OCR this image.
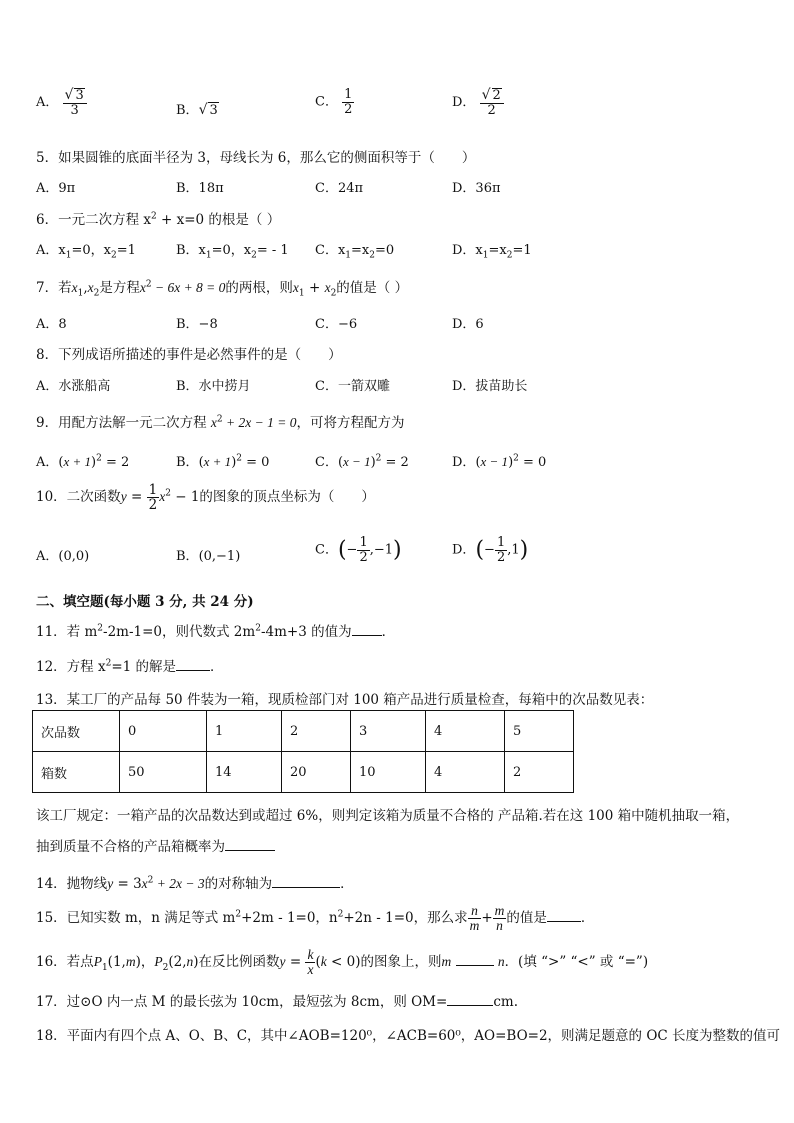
A． $\frac{√ 3}{3}$	B．√ 3
C． $\frac{1}{2}$	D． $\frac{√ 2}{2}$
5．如果圆锥的底面半径为 3，母线长为 6，那么它的侧面积等于（　　）
A．9π	B．18π	C．24π	D．36π
6．一元二次方程 $x^2 + x=0$ 的根是（ ）
A．$x_1=0$，$x_2=1$	B．$x_1=0$，$x_2= - 1$ C．$x_1=x_2=0$	D．$x_1=x_2=1$
7．若$x_1,x_2$是方程$x^2 - 6x + 8 = 0$的两根，则$x_1 + x_2$的值是（ ）
A．8	B．−8	C．−6	D．6
8．下列成语所描述的事件是必然事件的是（　　）
A．水涨船高	B．水中捞月	C．一箭双雕	D．拔苗助长
9．用配方法解一元二次方程 $x^2 + 2x - 1 = 0$，可将方程配方为
A．$(x + 1)^2 = 2$	B．$(x + 1)^2 = 0$	C．$(x - 1)^2 = 2$	D．$(x - 1)^2 = 0$
10．二次函数$y = \frac{1}{2} x^2 - 1$的图象的顶点坐标为（　　）
A．(0,0)	B．(0,−1)	C．(− $\frac{1}{2} ,-1$)	D．(− $\frac{1}{2} ,1$)
二、填空题(每小题 3 分, 共 24 分)
11．若 $m^2-2m-1=0$，则代数式 $2m^2-4m+3$ 的值为 ．
12．方程 $x^2=1$ 的解是	．
13．某工厂的产品每 50 件装为一箱，现质检部门对 100 箱产品进行质量检查，每箱中的次品数见表：
次品数	0	1	2	3	4	5
箱数	50	14	20	10	4	2
该工厂规定：一箱产品的次品数达到或超过 6%，则判定该箱为质量不合格的 产品箱.若在这 100 箱中随机抽取一箱，
抽到质量不合格的产品箱概率为
14．抛物线$y = 3x^2 + 2x - 3$的对称轴为	．
15．已知实数 m，n 满足等式 $m^2+2m - 1=0$，$n^2+2n - 1=0$，那么求 $\frac{n}{m} + \frac{m}{n}$ 的值是	．
16．若点$P_1(1,m)$，$P_2(2,n)$在反比例函数$y = \frac{k}{x} (k < 0)$的图象上，则m	n．(填 “>” “<” 或 “=”)
17．过⊙O 内一点 M 的最长弦为 10cm，最短弦为 8cm，则 OM=	cm.
18．平面内有四个点 A、O、B、C，其中∠AOB=120⁰，∠ACB=60⁰，AO=BO=2，则满足题意的 OC 长度为整数的值可
